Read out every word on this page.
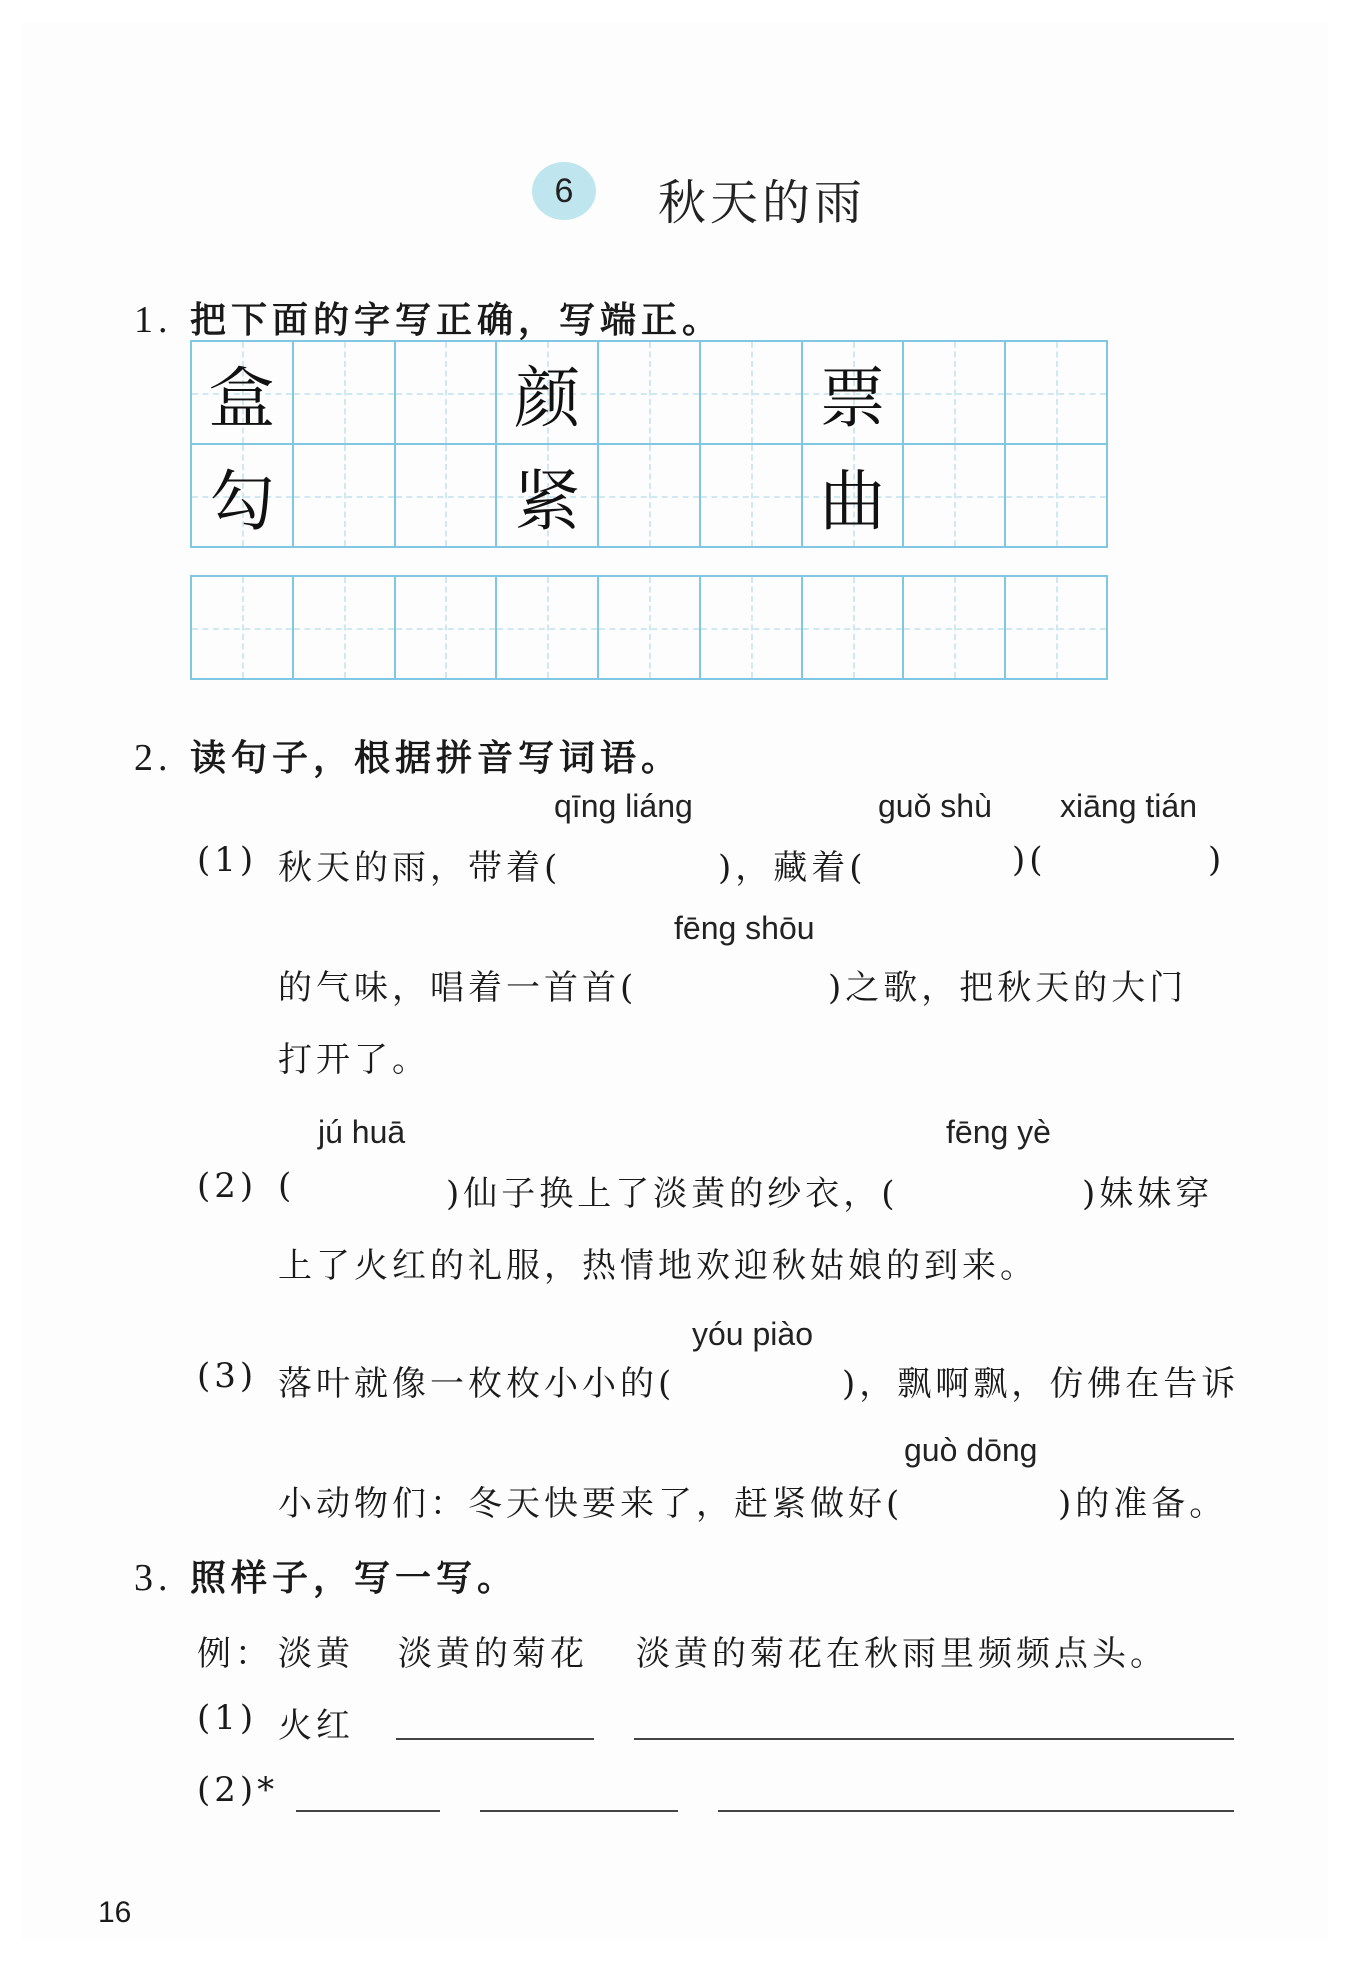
6 秋天的雨
1. 把下面的字写正确，写端正。
盒	颜	票
勾	紧	曲
2. 读句子，根据拼音写词语。
qīng liáng	guǒ shù xiāng tián
(1) 秋天的雨，带着(	)，藏着(	)(	)
fēng shōu
的气味，唱着一首首(	)之歌，把秋天的大门
打开了。
jú huā	fēng yè
(2) (	)仙子换上了淡黄的纱衣，(	)妹妹穿
上了火红的礼服，热情地欢迎秋姑娘的到来。
yóu piào
(3) 落叶就像一枚枚小小的(	)，飘啊飘，仿佛在告诉
guò dōng
小动物们：冬天快要来了，赶紧做好(	)的准备。
3. 照样子，写一写。
例： 淡黄 淡黄的菊花 淡黄的菊花在秋雨里频频点头。
(1) 火红
(2)*
16
